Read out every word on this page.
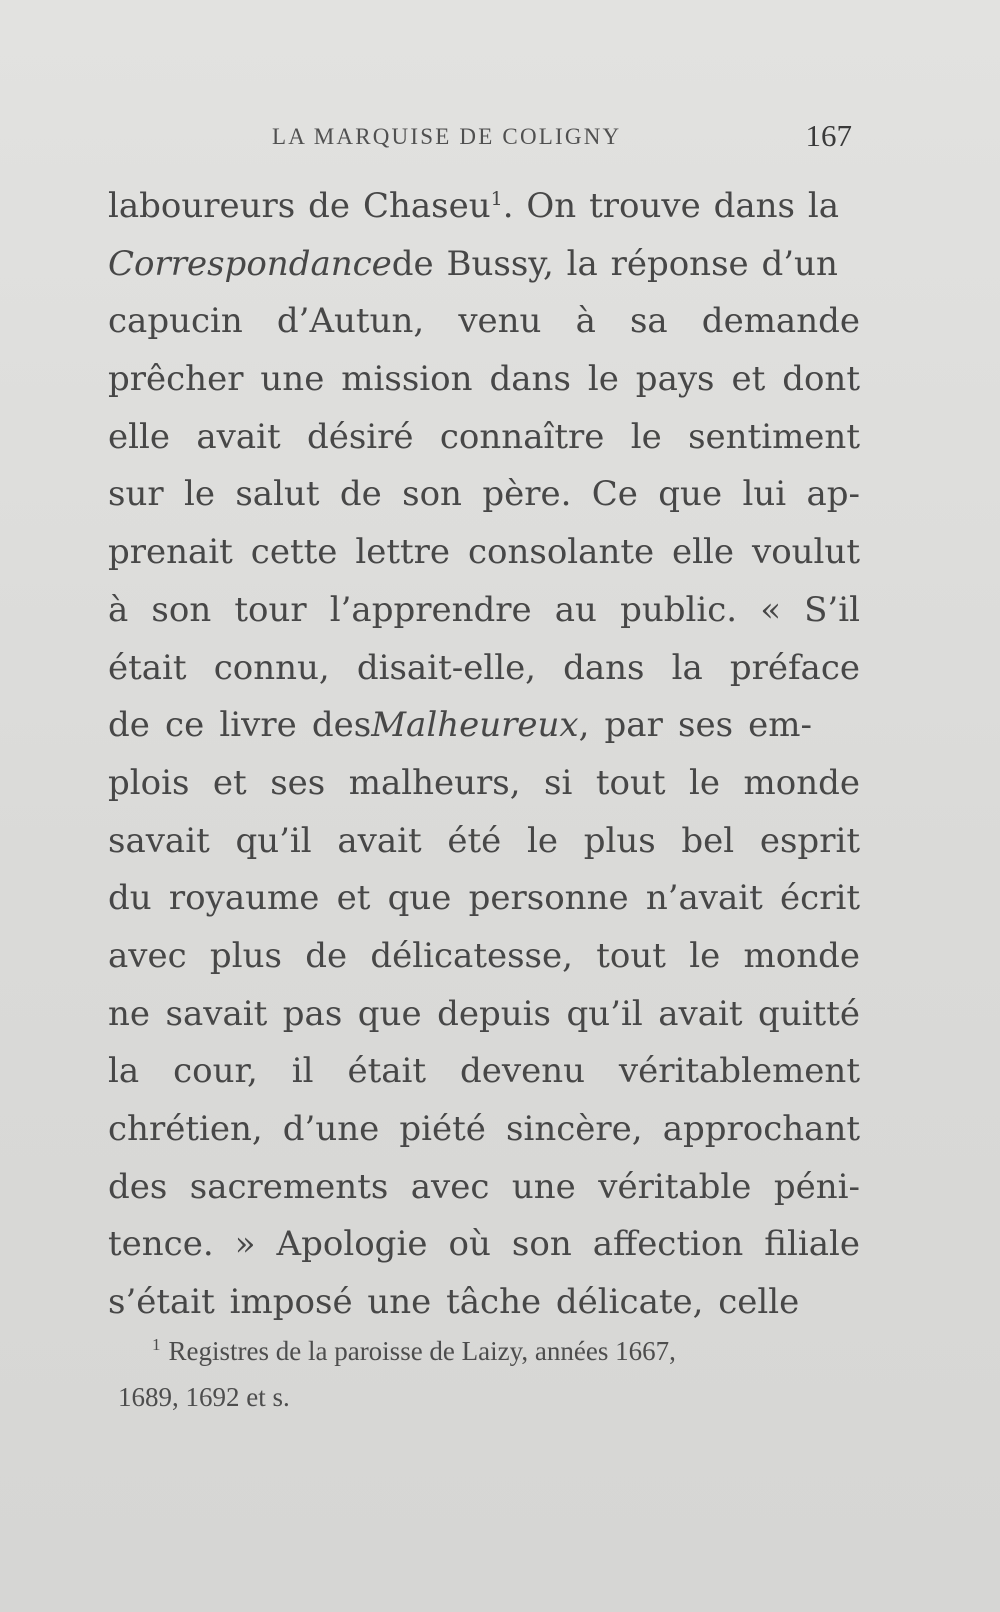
LA MARQUISE DE COLIGNY	167
laboureurs de Chaseu1. On trouve dans la
Correspondancede Bussy, la réponse d’un
capucin d’Autun, venu à sa demande
prêcher une mission dans le pays et dont
elle avait désiré connaître le sentiment
sur le salut de son père. Ce que lui ap-
prenait cette lettre consolante elle voulut
à son tour l’apprendre au public. « S’il
était connu, disait-elle, dans la préface
de ce livre desMalheureux, par ses em-
plois et ses malheurs, si tout le monde
savait qu’il avait été le plus bel esprit
du royaume et que personne n’avait écrit
avec plus de délicatesse, tout le monde
ne savait pas que depuis qu’il avait quitté
la cour, il était devenu véritablement
chrétien, d’une piété sincère, approchant
des sacrements avec une véritable péni-
tence. » Apologie où son affection filiale
s’était imposé une tâche délicate, celle
$^1$ Registres de la paroisse de Laizy, années 1667,
1689, 1692 et s.
